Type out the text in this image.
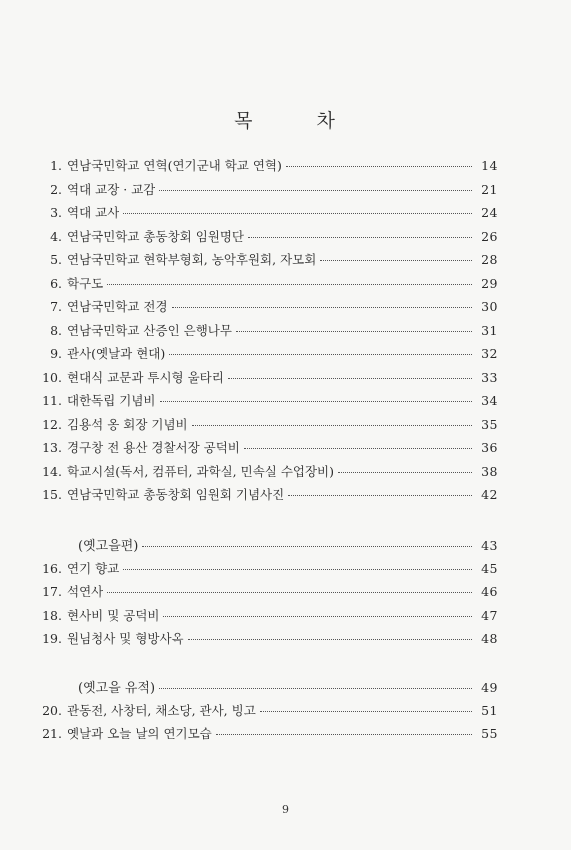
목	차
1. 연남국민학교 연혁(연기군내 학교 연혁)	14
2. 역대 교장 · 교감	21
3. 역대 교사	24
4. 연남국민학교 총동창회 임원명단	26
5. 연남국민학교 현학부형회, 농악후원회, 자모회	28
6. 학구도	29
7. 연남국민학교 전경	30
8. 연남국민학교 산증인 은행나무	31
9. 관사(옛날과 현대)	32
10. 현대식 교문과 투시형 울타리	33
11. 대한독립 기념비	34
12. 김용석 옹 회장 기념비	35
13. 경구창 전 용산 경찰서장 공덕비	36
14. 학교시설(독서, 컴퓨터, 과학실, 민속실 수업장비)	38
15. 연남국민학교 총동창회 임원회 기념사진	42
(옛고을편)	43
16. 연기 향교	45
17. 석연사	46
18. 현사비 및 공덕비	47
19. 원님청사 및 형방사옥	48
(옛고을 유적)	49
20. 관동전, 사창터, 채소당, 관사, 빙고	51
21. 옛날과 오늘 날의 연기모습	55
9
